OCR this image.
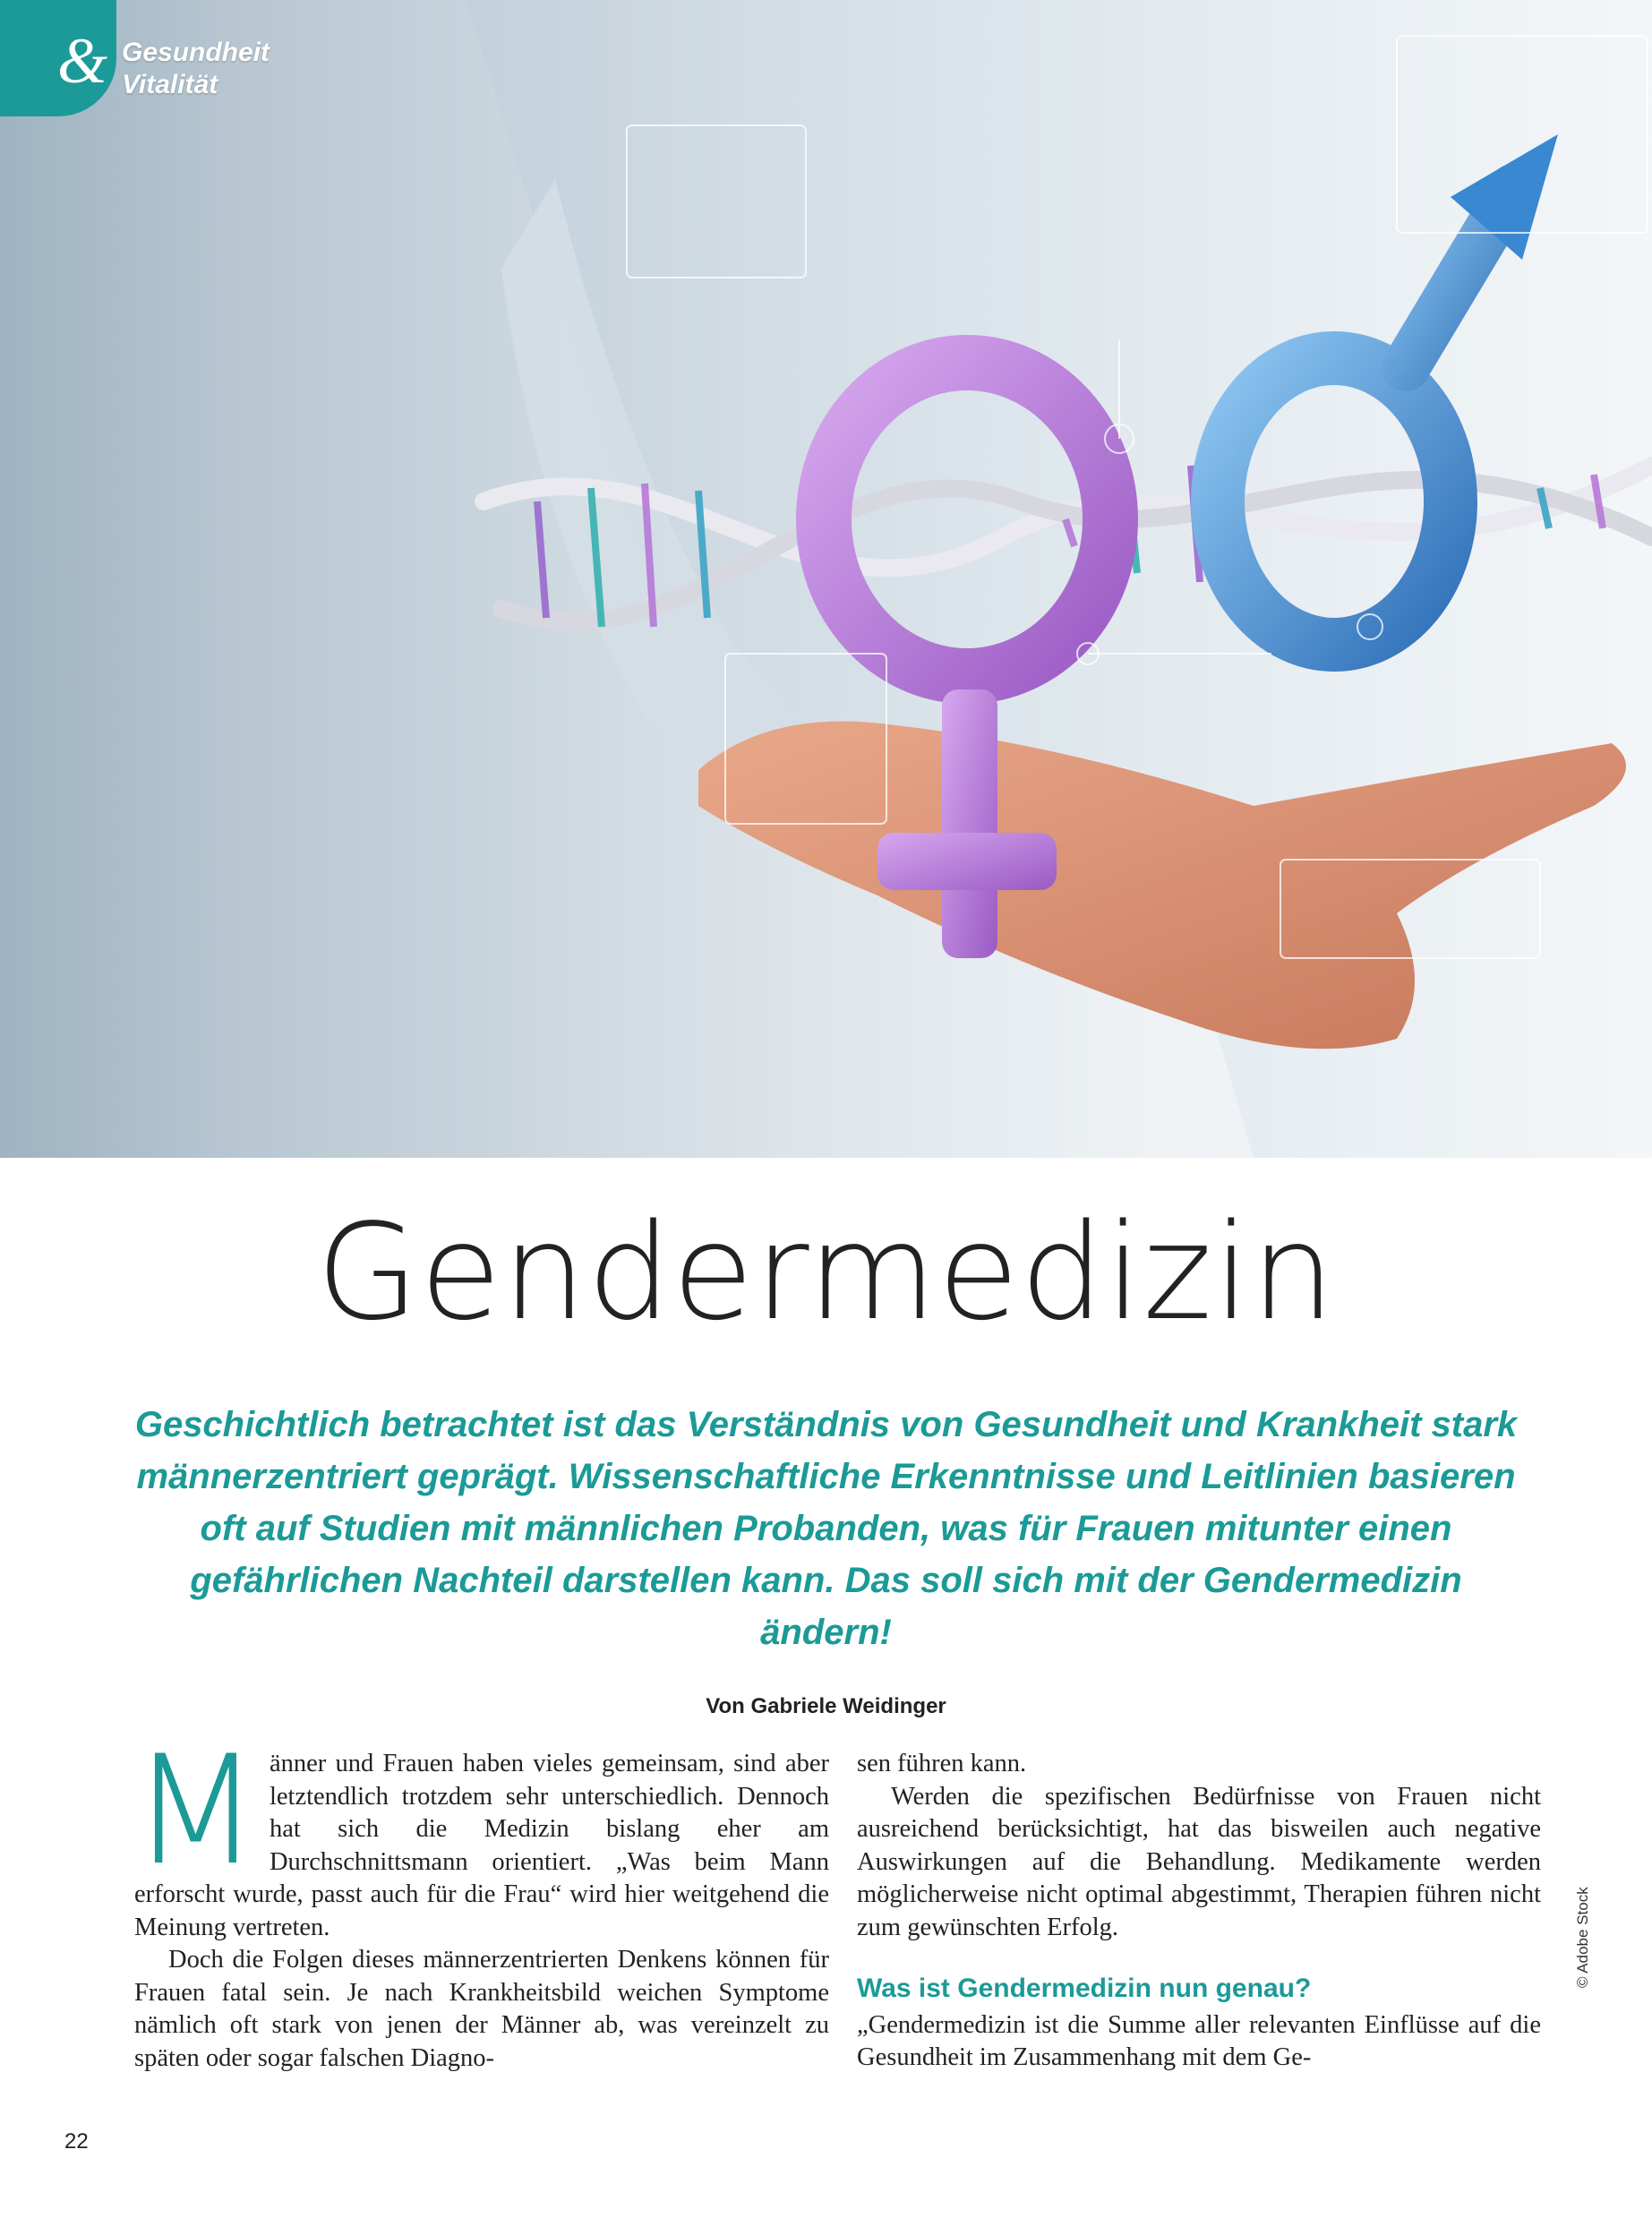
& Gesundheit
Vitalität
Gendermedizin

Geschichtlich betrachtet ist das Verständnis von Gesundheit und Krankheit stark männerzentriert geprägt. Wissenschaftliche Erkenntnisse und Leitlinien basieren oft auf Studien mit männlichen Probanden, was für Frauen mitunter einen gefährlichen Nachteil darstellen kann. Das soll sich mit der Gendermedizin ändern!

Von Gabriele Weidinger

Männer und Frauen haben vieles gemeinsam, sind aber letztendlich trotzdem sehr unterschiedlich. Dennoch hat sich die Medizin bislang eher am Durchschnittsmann orientiert. „Was beim Mann erforscht wurde, passt auch für die Frau“ wird hier weitgehend die Meinung vertreten.

Doch die Folgen dieses männerzentrierten Denkens können für Frauen fatal sein. Je nach Krankheitsbild weichen Symptome nämlich oft stark von jenen der Männer ab, was vereinzelt zu späten oder sogar falschen Diagno-

sen führen kann.

Werden die spezifischen Bedürfnisse von Frauen nicht ausreichend berücksichtigt, hat das bisweilen auch negative Auswirkungen auf die Behandlung. Medikamente werden möglicherweise nicht optimal abgestimmt, Therapien führen nicht zum gewünschten Erfolg.

Was ist Gendermedizin nun genau?

„Gendermedizin ist die Summe aller relevanten Einflüsse auf die Gesundheit im Zusammenhang mit dem Ge-

© Adobe Stock
22
